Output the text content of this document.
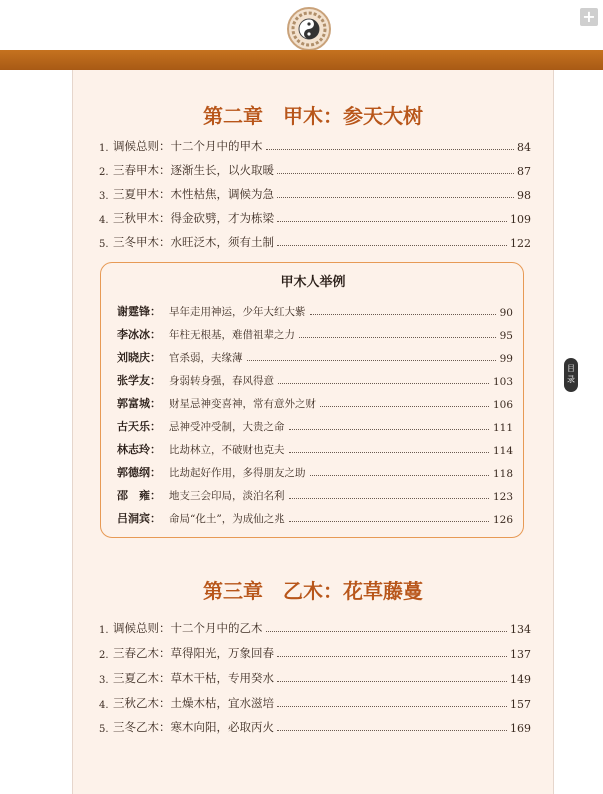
+
第二章　甲木：参天大树
1. 调候总则：十二个月中的甲木	84
2. 三春甲木：逐渐生长，以火取暖	87
3. 三夏甲木：木性枯焦，调候为急	98
4. 三秋甲木：得金砍劈，才为栋梁	109
5. 三冬甲木：水旺泛木，须有土制	122
第三章　乙木：花草藤蔓
1. 调候总则：十二个月中的乙木	134
2. 三春乙木：草得阳光，万象回春	137
3. 三夏乙木：草木干枯，专用癸水	149
4. 三秋乙木：土燥木枯，宜水滋培	157
5. 三冬乙木：寒木向阳，必取丙火	169
甲木人举例
谢霆锋： 早年走用神运，少年大红大紫	90
李冰冰： 年柱无根基，难借祖辈之力	95
刘晓庆： 官杀弱，夫缘薄	99
张学友： 身弱转身强，春风得意	103
郭富城： 财星忌神变喜神，常有意外之财	106
古天乐： 忌神受冲受制，大贵之命	111
林志玲： 比劫林立，不破财也克夫	114
郭德纲： 比劫起好作用，多得朋友之助	118
邵　雍： 地支三会印局，淡泊名利	123
吕洞宾： 命局“化土”，为成仙之兆	126
目录
